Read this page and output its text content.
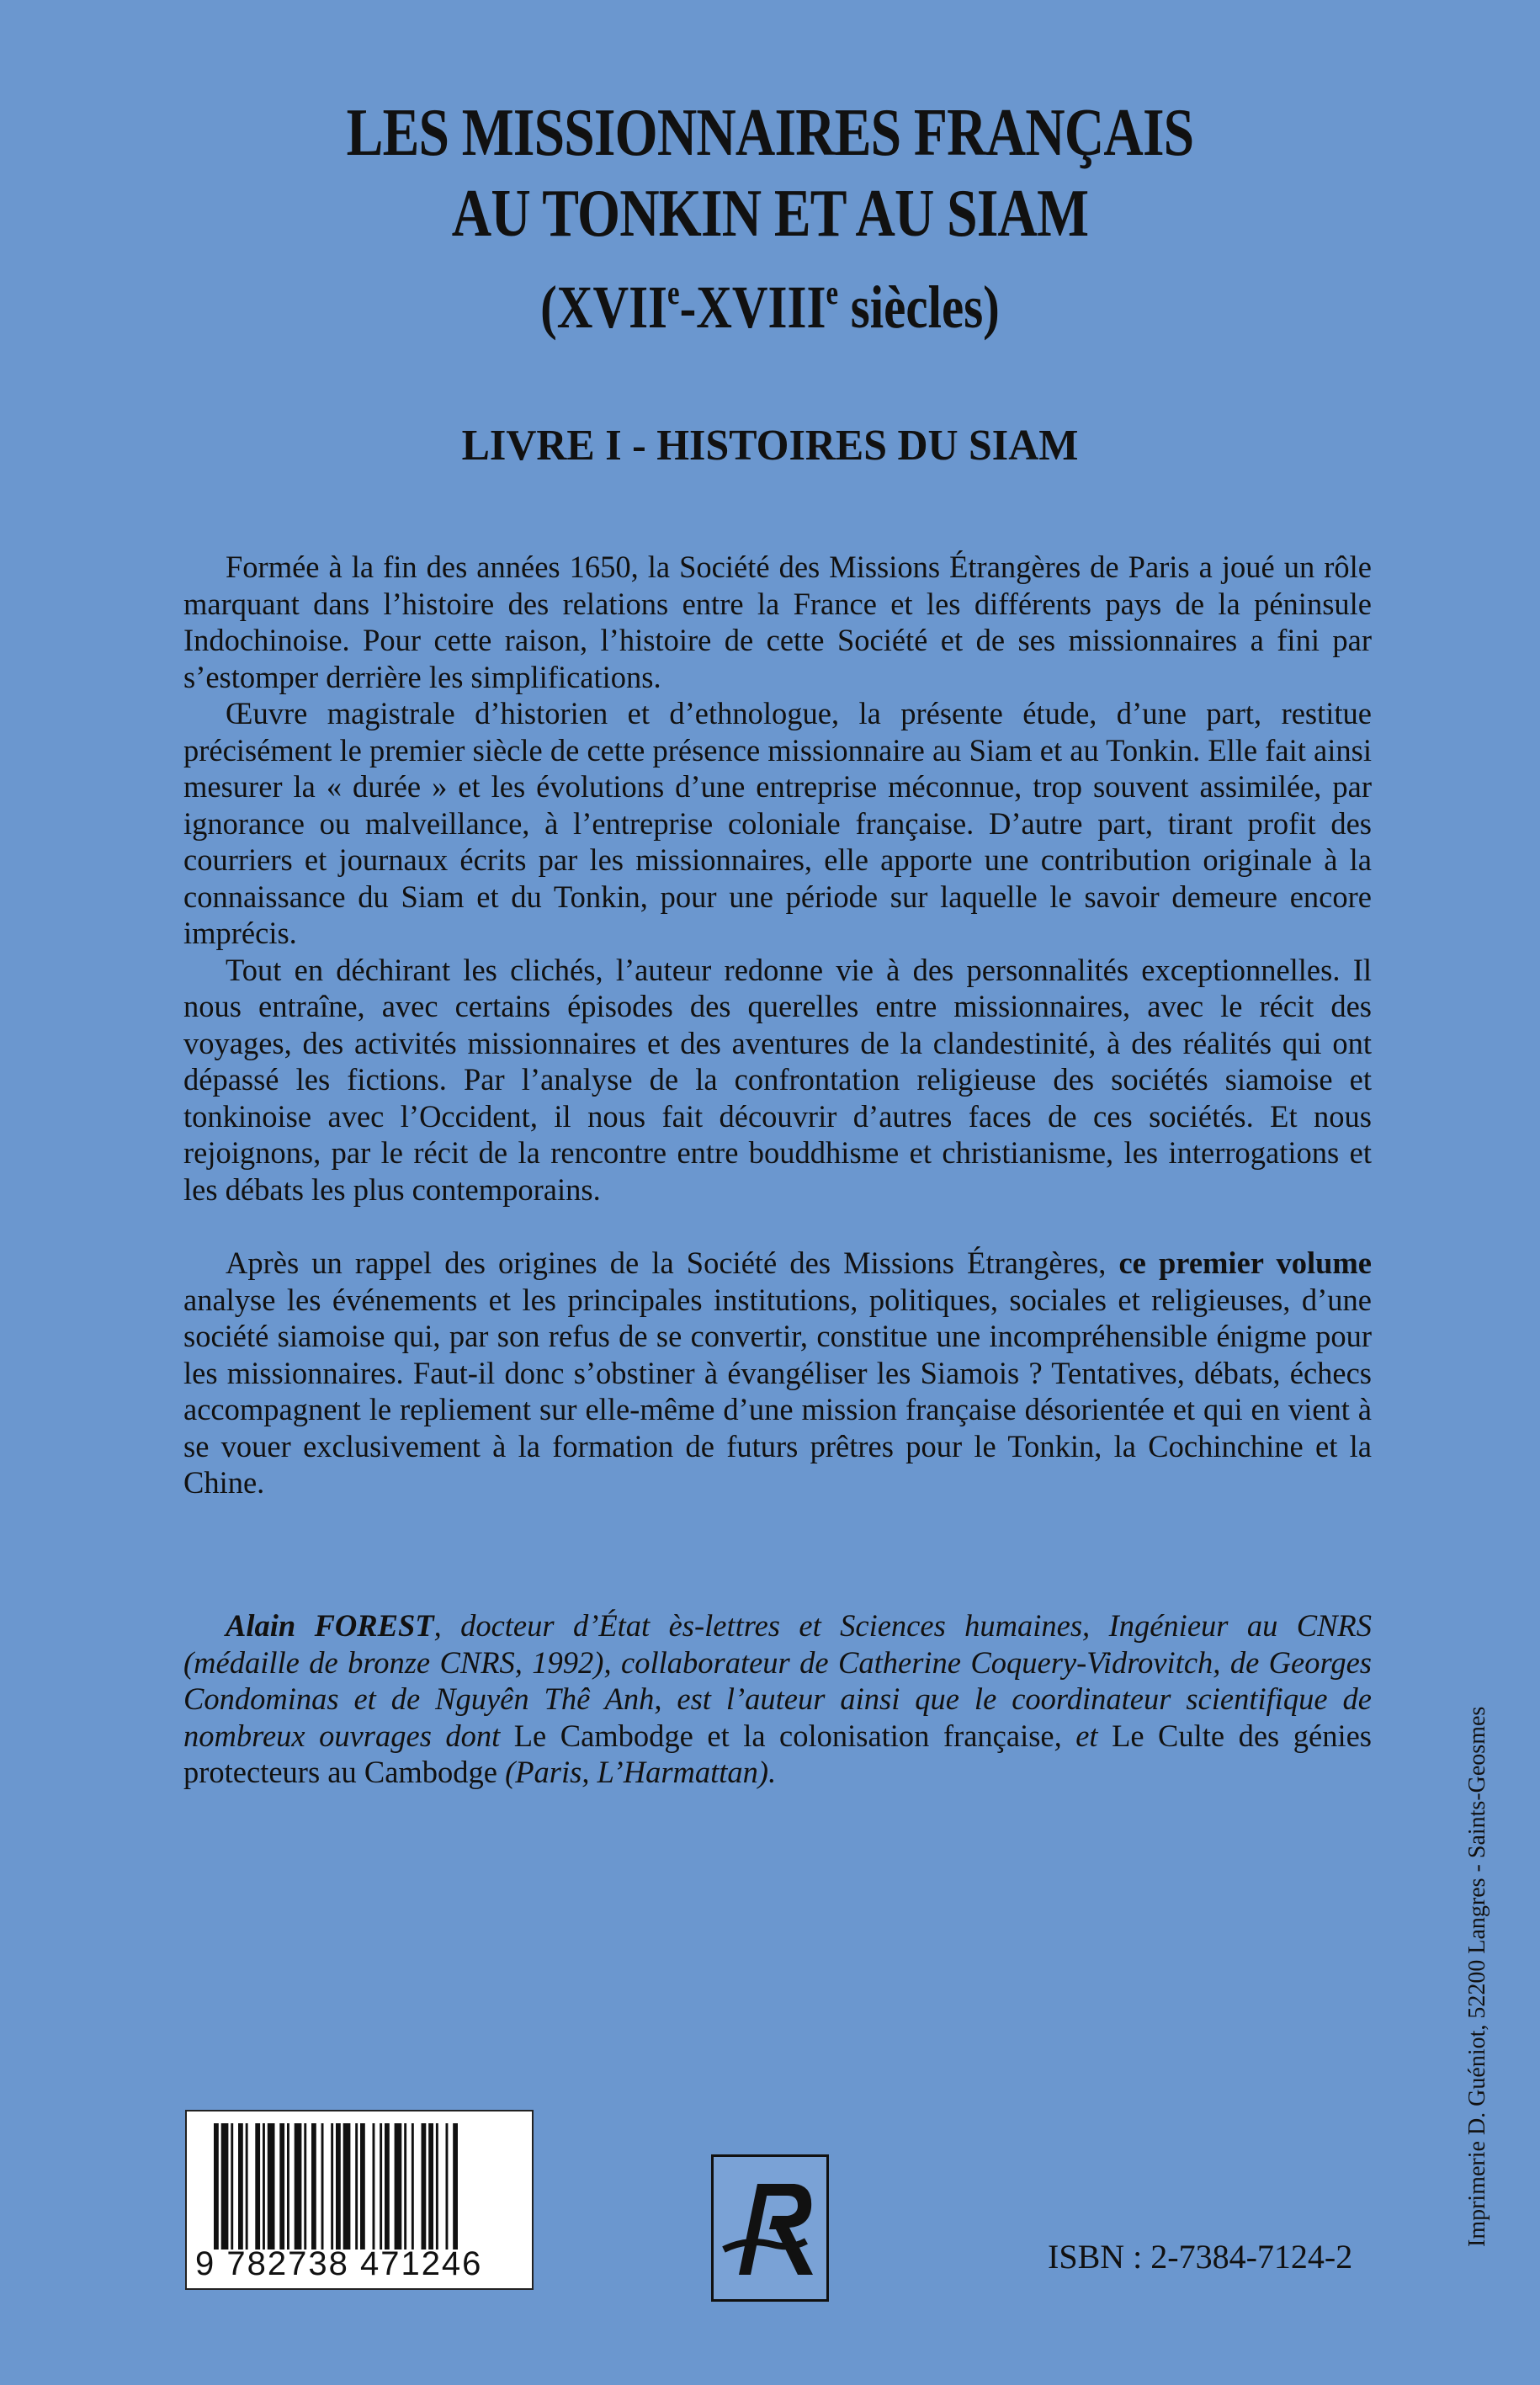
LES MISSIONNAIRES FRANÇAIS
AU TONKIN ET AU SIAM
(XVIIe-XVIIIe siècles)
LIVRE I - HISTOIRES DU SIAM

Formée à la fin des années 1650, la Société des Missions Étrangères de Paris a joué un rôle marquant dans l’histoire des relations entre la France et les différents pays de la péninsule Indochinoise. Pour cette raison, l’histoire de cette Société et de ses missionnaires a fini par s’estomper derrière les simplifications.

Œuvre magistrale d’historien et d’ethnologue, la présente étude, d’une part, restitue précisément le premier siècle de cette présence missionnaire au Siam et au Tonkin. Elle fait ainsi mesurer la « durée » et les évolutions d’une entreprise méconnue, trop souvent assimilée, par ignorance ou malveillance, à l’entreprise coloniale française. D’autre part, tirant profit des courriers et journaux écrits par les missionnaires, elle apporte une contribution originale à la connaissance du Siam et du Tonkin, pour une période sur laquelle le savoir demeure encore imprécis.

Tout en déchirant les clichés, l’auteur redonne vie à des personnalités exceptionnelles. Il nous entraîne, avec certains épisodes des querelles entre missionnaires, avec le récit des voyages, des activités missionnaires et des aventures de la clandestinité, à des réalités qui ont dépassé les fictions. Par l’analyse de la confrontation religieuse des sociétés siamoise et tonkinoise avec l’Occident, il nous fait découvrir d’autres faces de ces sociétés. Et nous rejoignons, par le récit de la rencontre entre bouddhisme et christianisme, les interrogations et les débats les plus contemporains.

Après un rappel des origines de la Société des Missions Étrangères, ce premier volume analyse les événements et les principales institutions, politiques, sociales et religieuses, d’une société siamoise qui, par son refus de se convertir, constitue une incompréhensible énigme pour les missionnaires. Faut-il donc s’obstiner à évangéliser les Siamois ? Tentatives, débats, échecs accompagnent le repliement sur elle-même d’une mission française désorientée et qui en vient à se vouer exclusivement à la formation de futurs prêtres pour le Tonkin, la Cochinchine et la Chine.

Alain FOREST, docteur d’État ès-lettres et Sciences humaines, Ingénieur au CNRS (médaille de bronze CNRS, 1992), collaborateur de Catherine Coquery-Vidrovitch, de Georges Condominas et de Nguyên Thê Anh, est l’auteur ainsi que le coordinateur scientifique de nombreux ouvrages dont Le Cambodge et la colonisation française, et Le Culte des génies protecteurs au Cambodge (Paris, L’Harmattan).

9 782738 471246	ISBN : 2-7384-7124-2
Imprimerie D. Guéniot, 52200 Langres - Saints-Geosmes
